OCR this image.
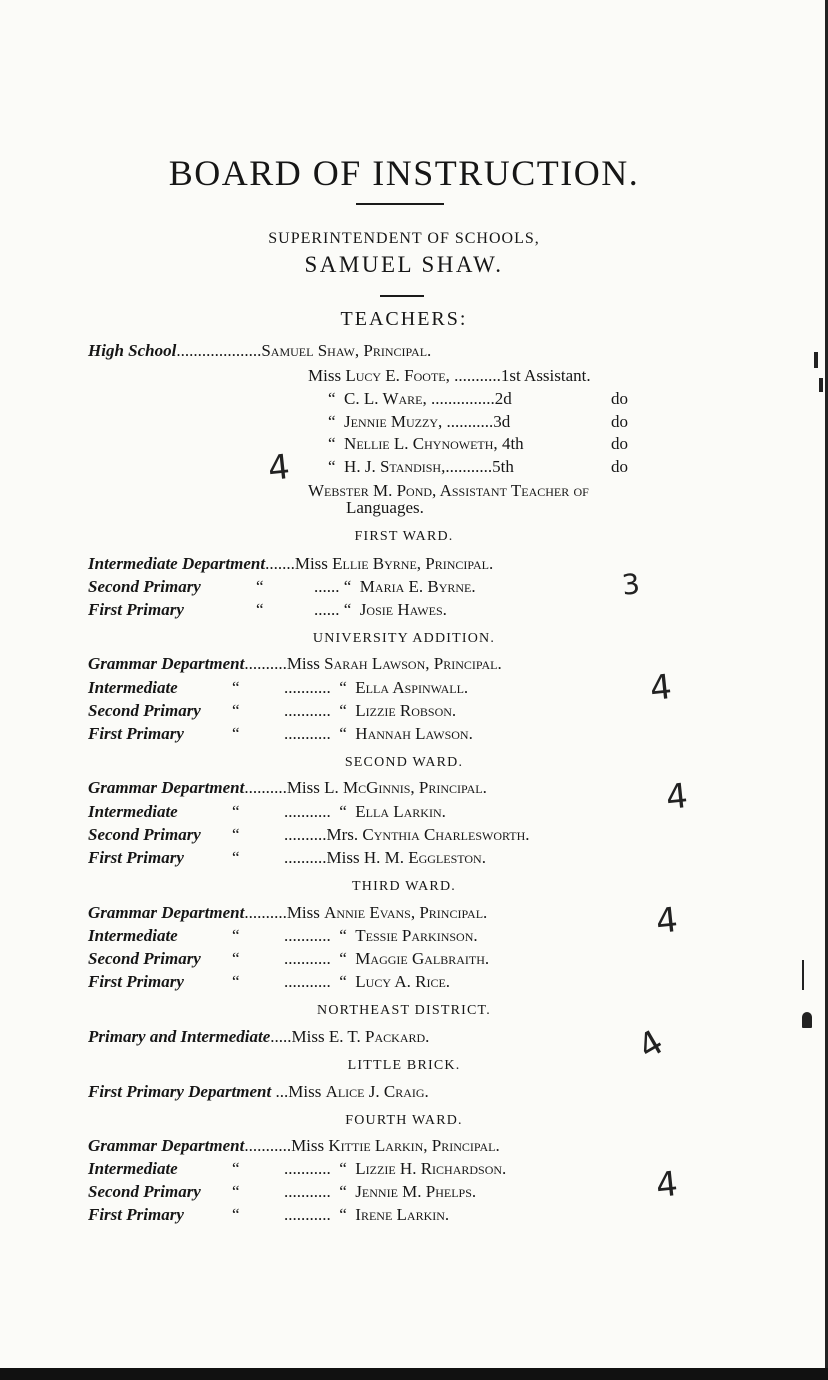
BOARD OF INSTRUCTION.
SUPERINTENDENT OF SCHOOLS,
SAMUEL SHAW.
TEACHERS:
High School....................Samuel Shaw, Principal.
Miss Lucy E. Foote, ...........1st Assistant.
“ C. L. Ware, ...............2d	do
“ Jennie Muzzy, ...........3d	do
“ Nellie L. Chynoweth, 4th	do
“ H. J. Standish,...........5th	do
Webster M. Pond, Assistant Teacher of
Languages.
FIRST WARD.
Intermediate Department.......Miss Ellie Byrne, Principal.
Second Primary	“	...... “ Maria E. Byrne.
First Primary	“	...... “ Josie Hawes.
UNIVERSITY ADDITION.
Grammar Department..........Miss Sarah Lawson, Principal.
Intermediate	“	........... “ Ella Aspinwall.
Second Primary “	........... “ Lizzie Robson.
First Primary	“	........... “ Hannah Lawson.
SECOND WARD.
Grammar Department..........Miss L. McGinnis, Principal.
Intermediate	“	........... “ Ella Larkin.
Second Primary “	..........Mrs. Cynthia Charlesworth.
First Primary	“	..........Miss H. M. Eggleston.
THIRD WARD.
Grammar Department..........Miss Annie Evans, Principal.
Intermediate	“	........... “ Tessie Parkinson.
Second Primary “	........... “ Maggie Galbraith.
First Primary	“	........... “ Lucy A. Rice.
NORTHEAST DISTRICT.
Primary and Intermediate.....Miss E. T. Packard.
LITTLE BRICK.
First Primary Department ...Miss Alice J. Craig.
FOURTH WARD.
Grammar Department...........Miss Kittie Larkin, Principal.
Intermediate	“	........... “ Lizzie H. Richardson.
Second Primary “	........... “ Jennie M. Phelps.
First Primary	“	........... “ Irene Larkin.
4
3
4
4
4
4
4
